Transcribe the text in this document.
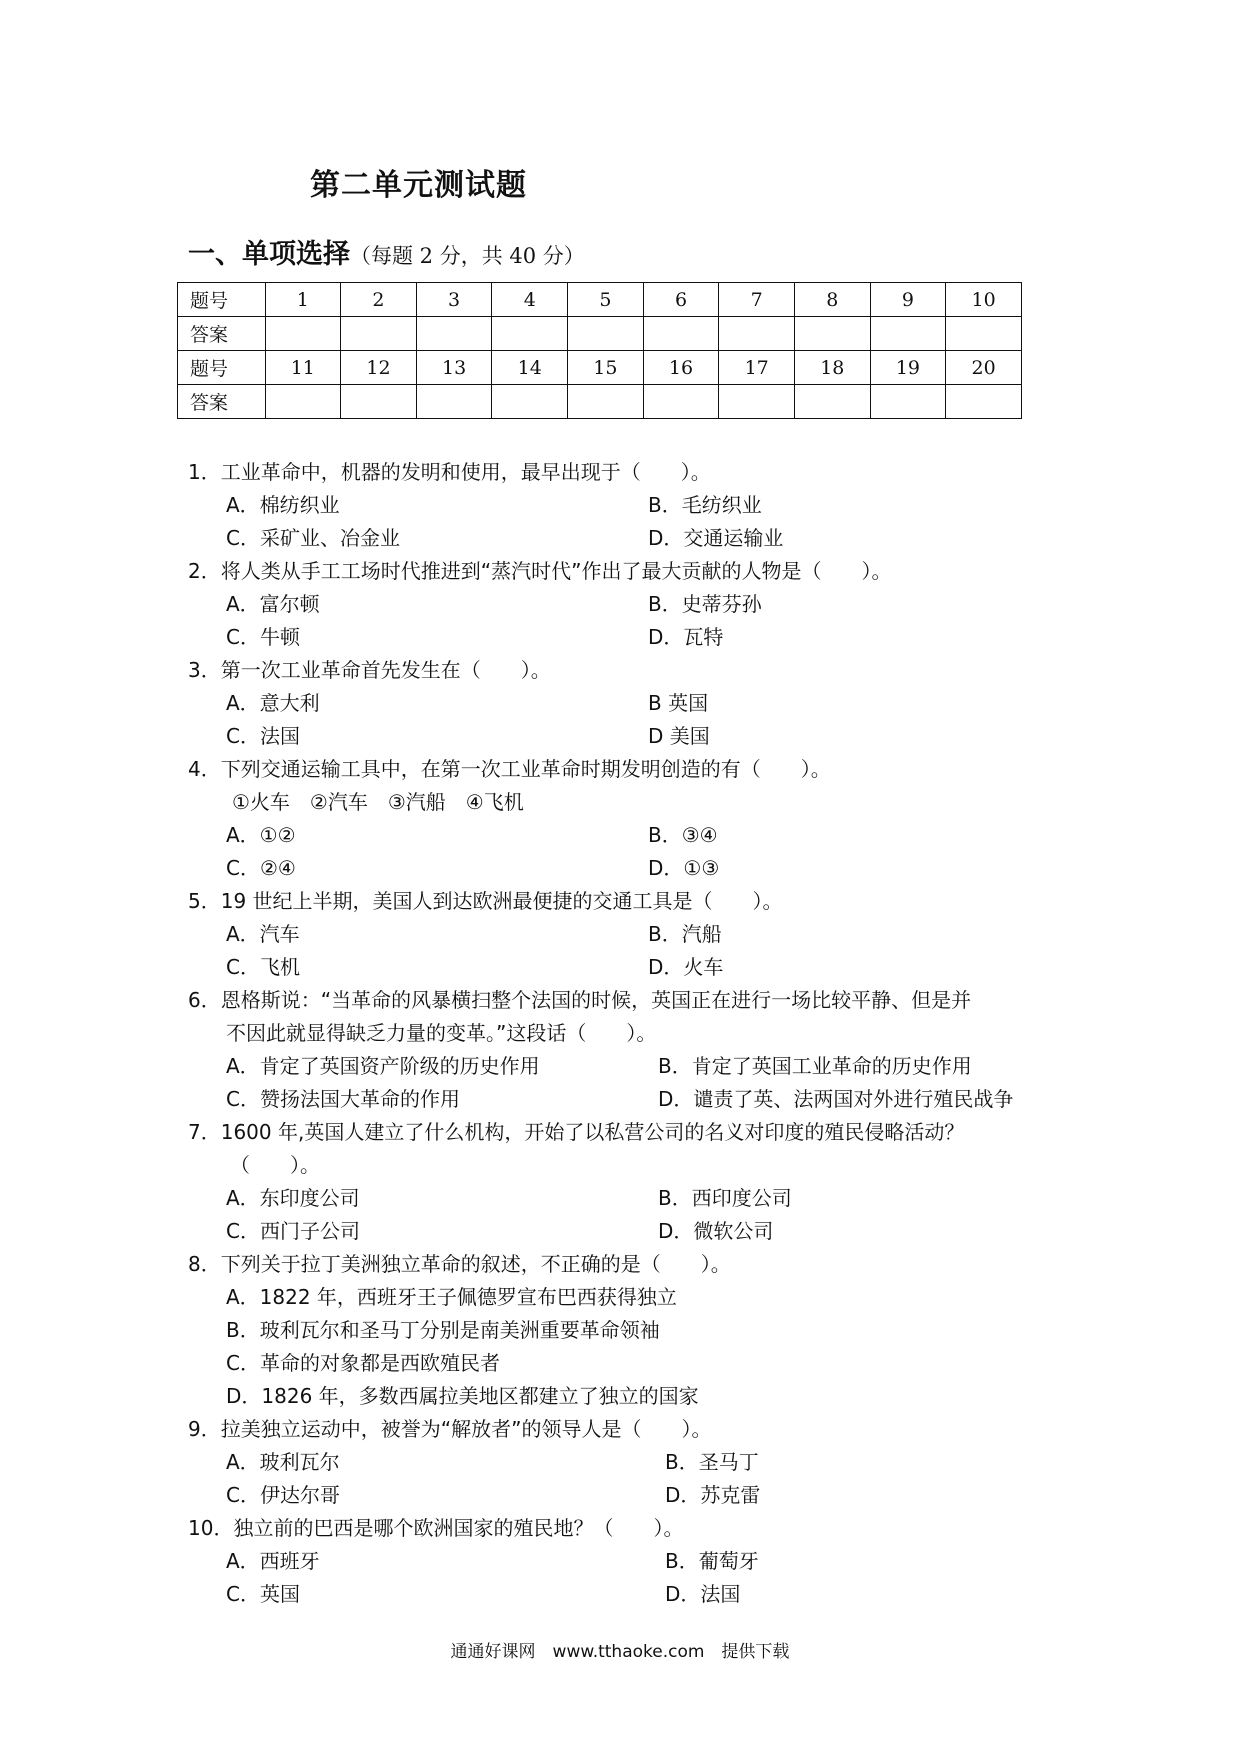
第二单元测试题
一、单项选择（每题 2 分，共 40 分）
题号	1	2	3	4	5	6	7	8	9	10
答案										
题号	11	12	13	14	15	16	17	18	19	20
答案										
1．工业革命中，机器的发明和使用，最早出现于（　　）。
A．棉纺织业	B．毛纺织业
C．采矿业、冶金业	D．交通运输业
2．将人类从手工工场时代推进到“蒸汽时代”作出了最大贡献的人物是（　　）。
A．富尔顿	B．史蒂芬孙
C．牛顿	D．瓦特
3．第一次工业革命首先发生在（　　）。
A．意大利	B 英国
C．法国	D 美国
4．下列交通运输工具中，在第一次工业革命时期发明创造的有（　　）。
①火车　②汽车　③汽船　④飞机
A．①②	B．③④
C．②④	D．①③
5．19 世纪上半期，美国人到达欧洲最便捷的交通工具是（　　）。
A．汽车	B．汽船
C．飞机	D．火车
6．恩格斯说：“当革命的风暴横扫整个法国的时候，英国正在进行一场比较平静、但是并
不因此就显得缺乏力量的变革。”这段话（　　）。
A．肯定了英国资产阶级的历史作用	B．肯定了英国工业革命的历史作用
C．赞扬法国大革命的作用	D．谴责了英、法两国对外进行殖民战争
7．1600 年,英国人建立了什么机构，开始了以私营公司的名义对印度的殖民侵略活动？
（　　）。
A．东印度公司	B．西印度公司
C．西门子公司	D．微软公司
8．下列关于拉丁美洲独立革命的叙述，不正确的是（　　）。
A．1822 年，西班牙王子佩德罗宣布巴西获得独立
B．玻利瓦尔和圣马丁分别是南美洲重要革命领袖
C．革命的对象都是西欧殖民者
D．1826 年，多数西属拉美地区都建立了独立的国家
9．拉美独立运动中，被誉为“解放者”的领导人是（　　）。
A．玻利瓦尔	B．圣马丁
C．伊达尔哥	D．苏克雷
10．独立前的巴西是哪个欧洲国家的殖民地？（　　）。
A．西班牙	B．葡萄牙
C．英国	D．法国
通通好课网　www.tthaoke.com　提供下载
